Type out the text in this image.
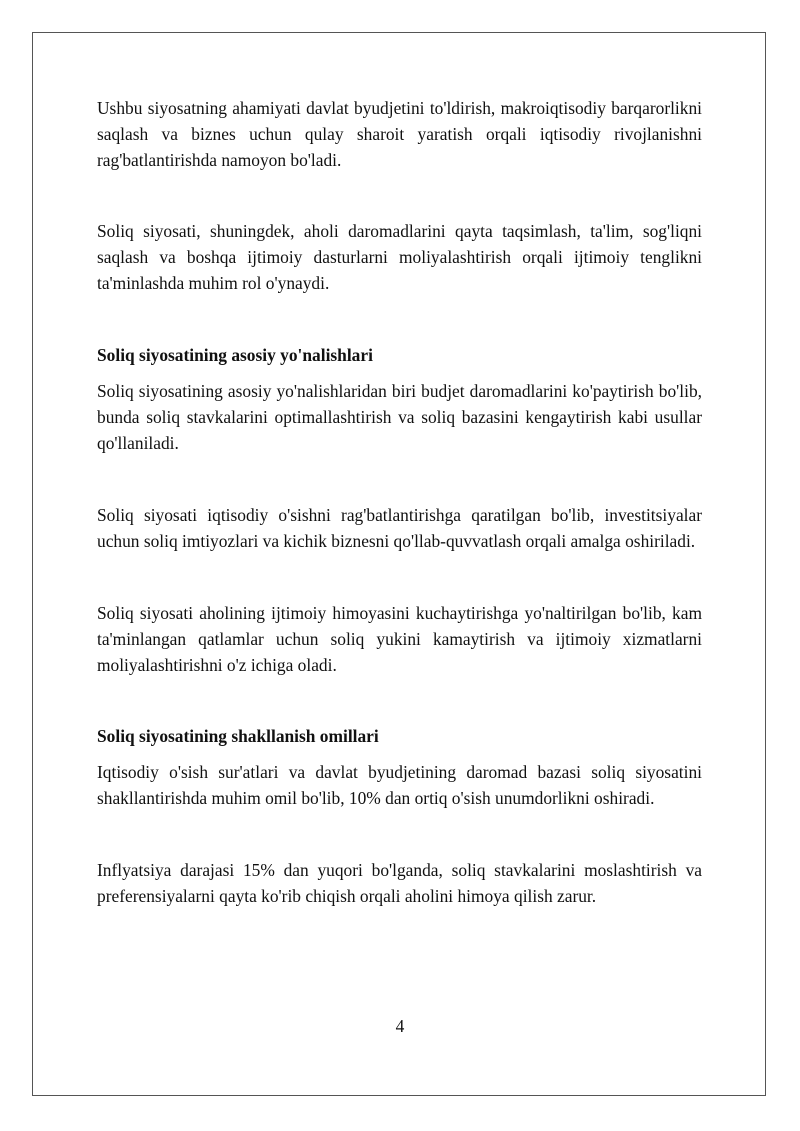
Ushbu siyosatning ahamiyati davlat byudjetini to'ldirish, makroiqtisodiy barqarorlikni saqlash va biznes uchun qulay sharoit yaratish orqali iqtisodiy rivojlanishni rag'batlantirishda namoyon bo'ladi.

Soliq siyosati, shuningdek, aholi daromadlarini qayta taqsimlash, ta'lim, sog'liqni saqlash va boshqa ijtimoiy dasturlarni moliyalashtirish orqali ijtimoiy tenglikni ta'minlashda muhim rol o'ynaydi.

Soliq siyosatining asosiy yo'nalishlari

Soliq siyosatining asosiy yo'nalishlaridan biri budjet daromadlarini ko'paytirish bo'lib, bunda soliq stavkalarini optimallashtirish va soliq bazasini kengaytirish kabi usullar qo'llaniladi.

Soliq siyosati iqtisodiy o'sishni rag'batlantirishga qaratilgan bo'lib, investitsiyalar uchun soliq imtiyozlari va kichik biznesni qo'llab-quvvatlash orqali amalga oshiriladi.

Soliq siyosati aholining ijtimoiy himoyasini kuchaytirishga yo'naltirilgan bo'lib, kam ta'minlangan qatlamlar uchun soliq yukini kamaytirish va ijtimoiy xizmatlarni moliyalashtirishni o'z ichiga oladi.

Soliq siyosatining shakllanish omillari

Iqtisodiy o'sish sur'atlari va davlat byudjetining daromad bazasi soliq siyosatini shakllantirishda muhim omil bo'lib, 10% dan ortiq o'sish unumdorlikni oshiradi.

Inflyatsiya darajasi 15% dan yuqori bo'lganda, soliq stavkalarini moslashtirish va preferensiyalarni qayta ko'rib chiqish orqali aholini himoya qilish zarur.

4
